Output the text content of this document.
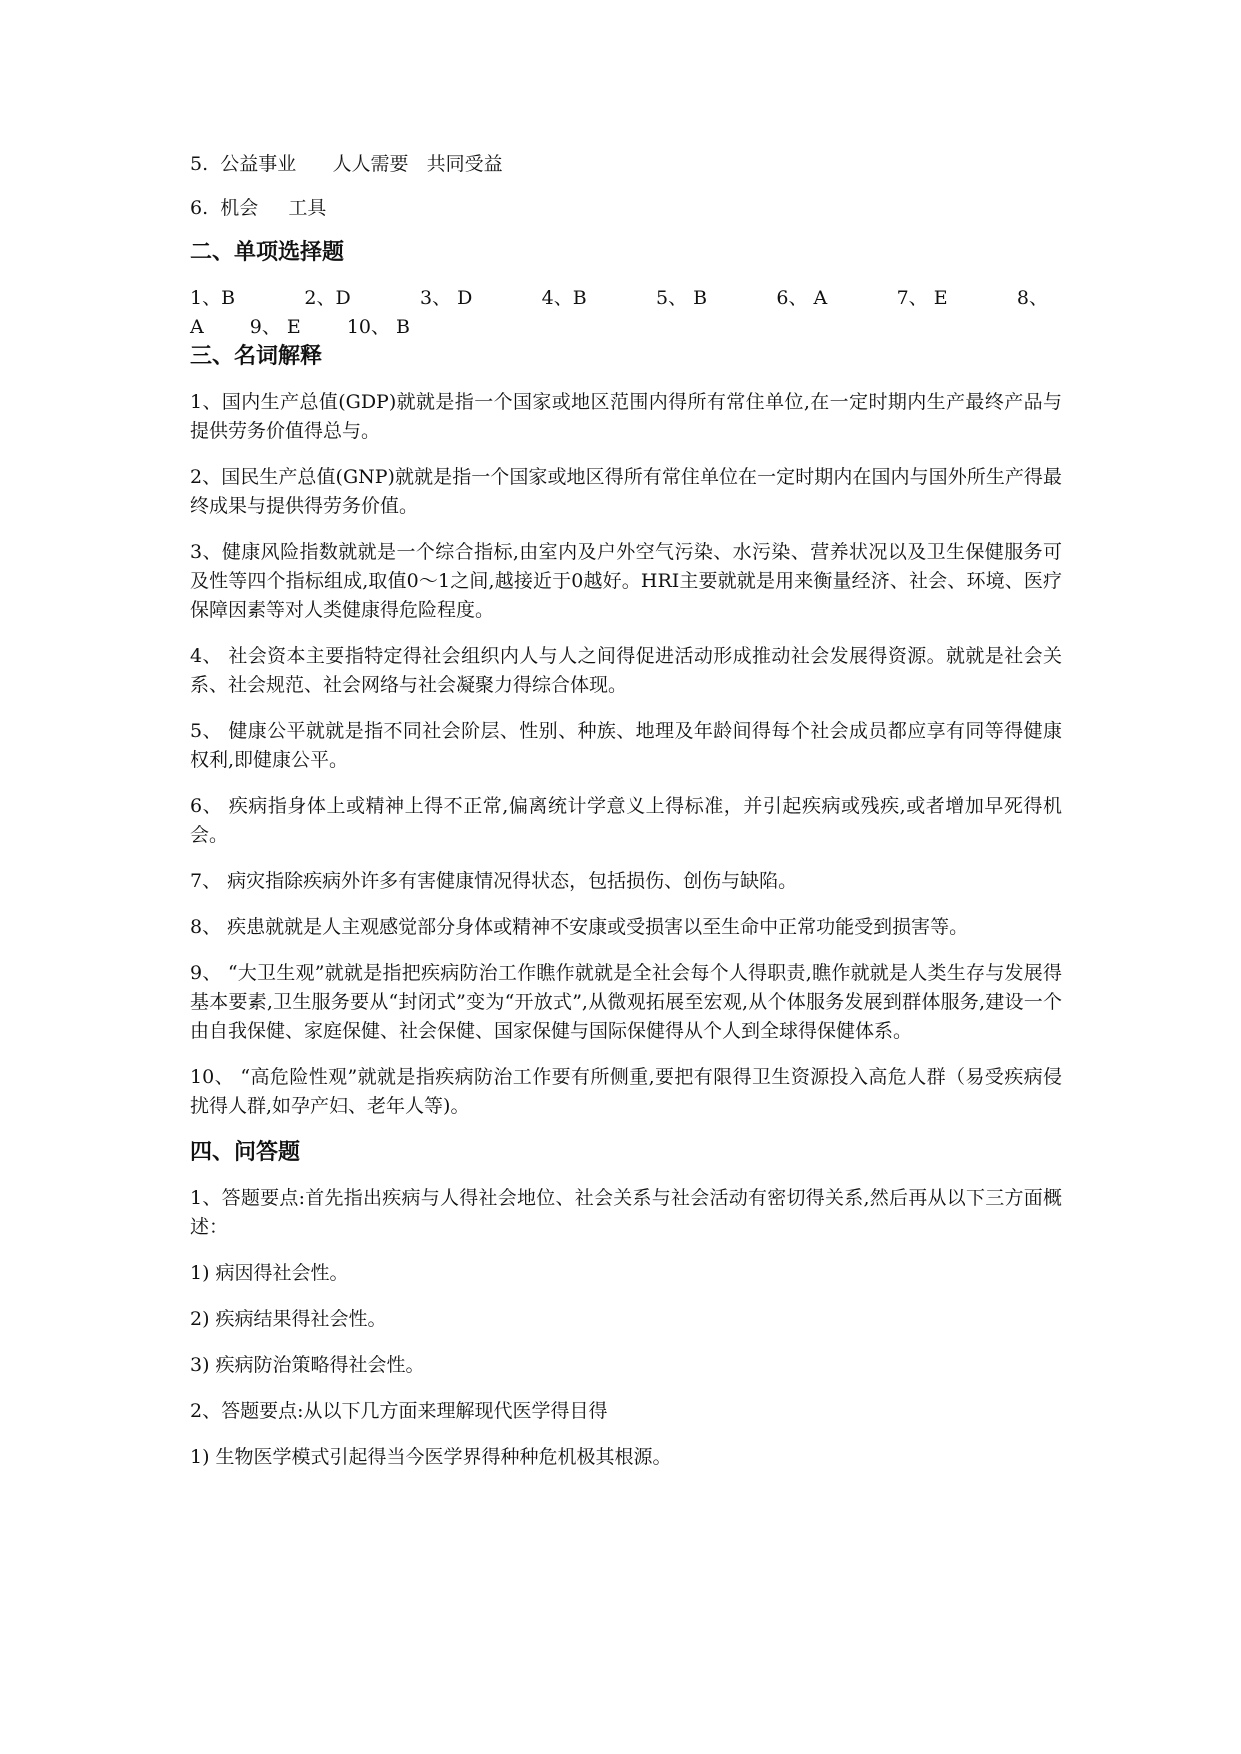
5.  公益事业      人人需要   共同受益

6.  机会     工具

二、单项选择题
1、B	2、D	3、 D	4、B	5、 B	6、 A	7、 E	8、
A 9、 E 10、 B
三、名词解释

1、国内生产总值(GDP)就就是指一个国家或地区范围内得所有常住单位,在一定时期内生产最终产品与提供劳务价值得总与。

2、国民生产总值(GNP)就就是指一个国家或地区得所有常住单位在一定时期内在国内与国外所生产得最终成果与提供得劳务价值。

3、健康风险指数就就是一个综合指标,由室内及户外空气污染、水污染、营养状况以及卫生保健服务可及性等四个指标组成,取值0～1之间,越接近于0越好。HRI主要就就是用来衡量经济、社会、环境、医疗保障因素等对人类健康得危险程度。

4、 社会资本主要指特定得社会组织内人与人之间得促进活动形成推动社会发展得资源。就就是社会关系、社会规范、社会网络与社会凝聚力得综合体现。

5、 健康公平就就是指不同社会阶层、性别、种族、地理及年龄间得每个社会成员都应享有同等得健康权利,即健康公平。

6、 疾病指身体上或精神上得不正常,偏离统计学意义上得标准，并引起疾病或残疾,或者增加早死得机会。

7、 病灾指除疾病外许多有害健康情况得状态，包括损伤、创伤与缺陷。

8、 疾患就就是人主观感觉部分身体或精神不安康或受损害以至生命中正常功能受到损害等。

9、 “大卫生观”就就是指把疾病防治工作瞧作就就是全社会每个人得职责,瞧作就就是人类生存与发展得基本要素,卫生服务要从“封闭式”变为“开放式”,从微观拓展至宏观,从个体服务发展到群体服务,建设一个由自我保健、家庭保健、社会保健、国家保健与国际保健得从个人到全球得保健体系。

10、 “高危险性观”就就是指疾病防治工作要有所侧重,要把有限得卫生资源投入高危人群（易受疾病侵扰得人群,如孕产妇、老年人等)。

四、问答题

1、答题要点:首先指出疾病与人得社会地位、社会关系与社会活动有密切得关系,然后再从以下三方面概述：

1) 病因得社会性。

2) 疾病结果得社会性。

3) 疾病防治策略得社会性。

2、答题要点:从以下几方面来理解现代医学得目得

1) 生物医学模式引起得当今医学界得种种危机极其根源。
